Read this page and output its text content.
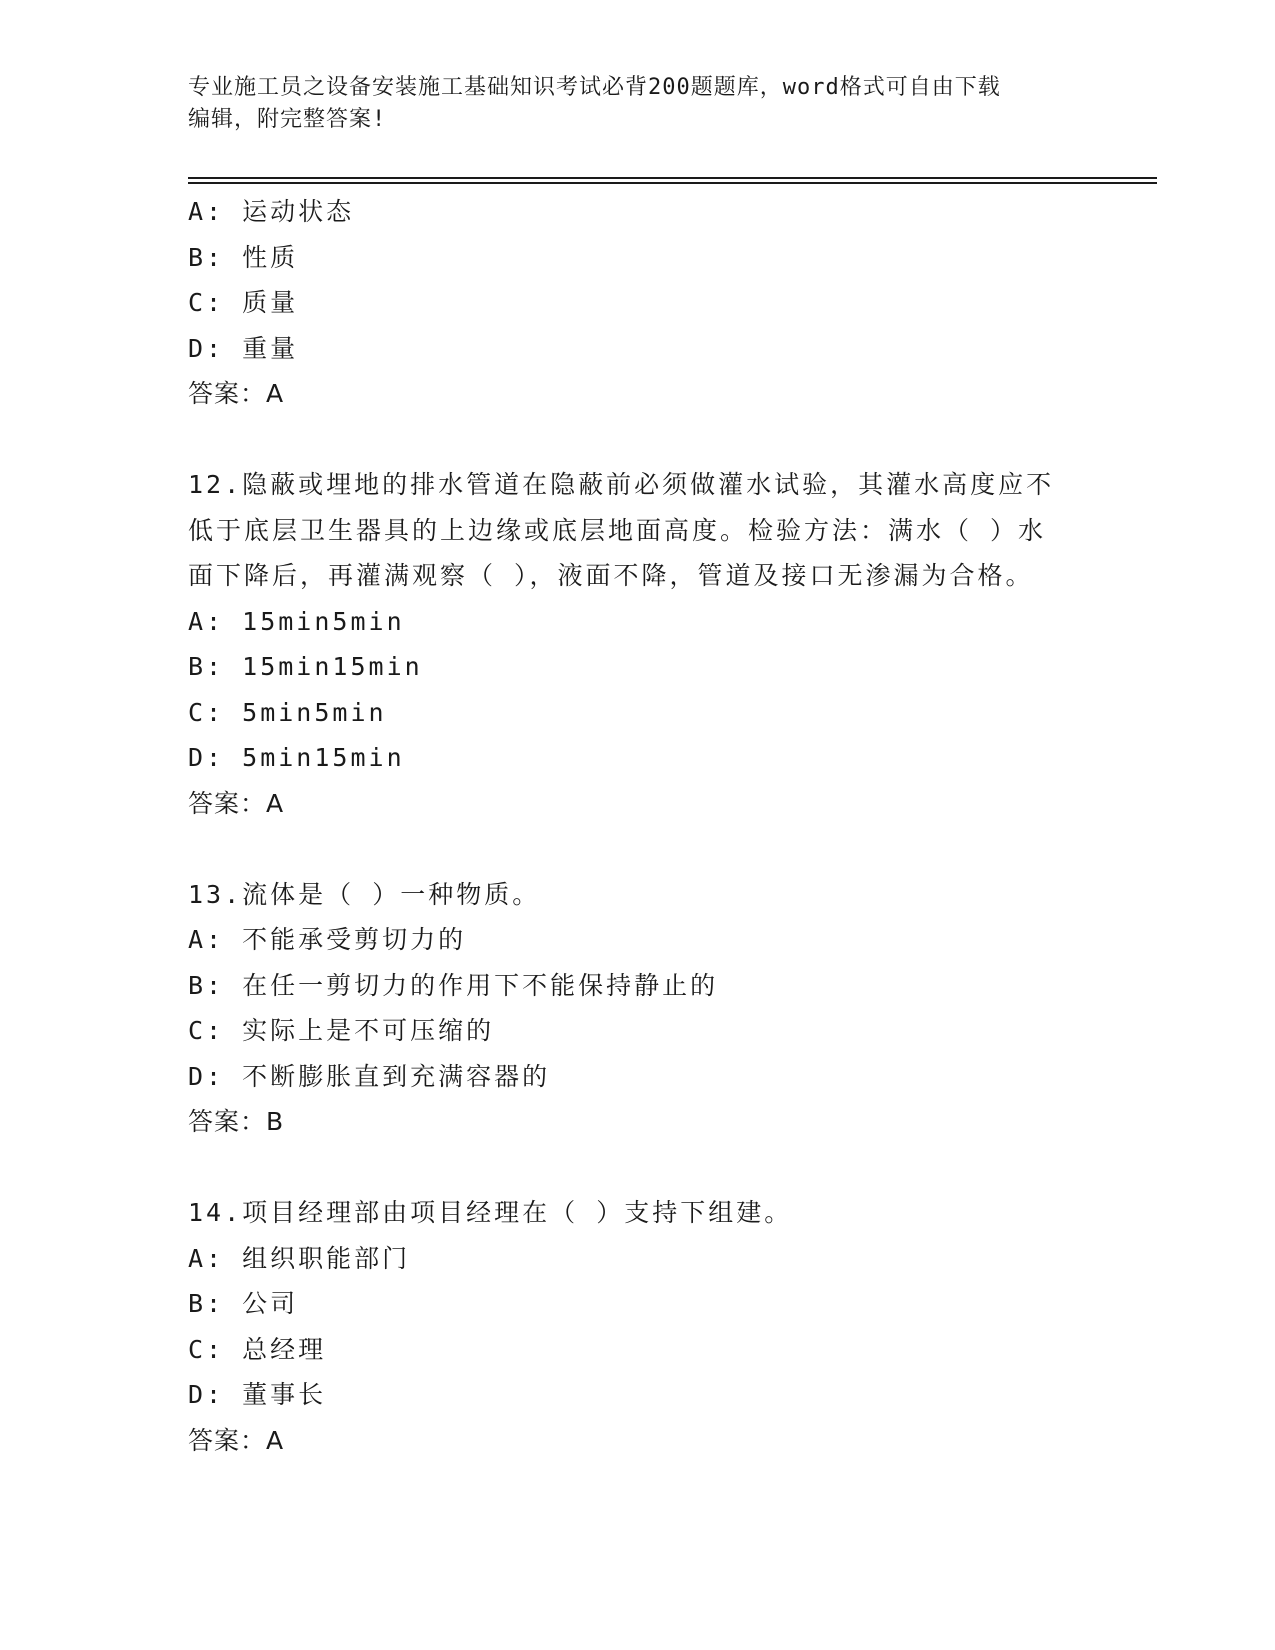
专业施工员之设备安装施工基础知识考试必背200题题库，word格式可自由下载
编辑，附完整答案!

A: 运动状态

B: 性质

C: 质量

D: 重量

答案：A

12.隐蔽或埋地的排水管道在隐蔽前必须做灌水试验，其灌水高度应不

低于底层卫生器具的上边缘或底层地面高度。检验方法：满水（ ）水

面下降后，再灌满观察（ ），液面不降，管道及接口无渗漏为合格。

A: 15min5min

B: 15min15min

C: 5min5min

D: 5min15min

答案：A

13.流体是（ ）一种物质。

A: 不能承受剪切力的

B: 在任一剪切力的作用下不能保持静止的

C: 实际上是不可压缩的

D: 不断膨胀直到充满容器的

答案：B

14.项目经理部由项目经理在（ ）支持下组建。

A: 组织职能部门

B: 公司

C: 总经理

D: 董事长

答案：A
